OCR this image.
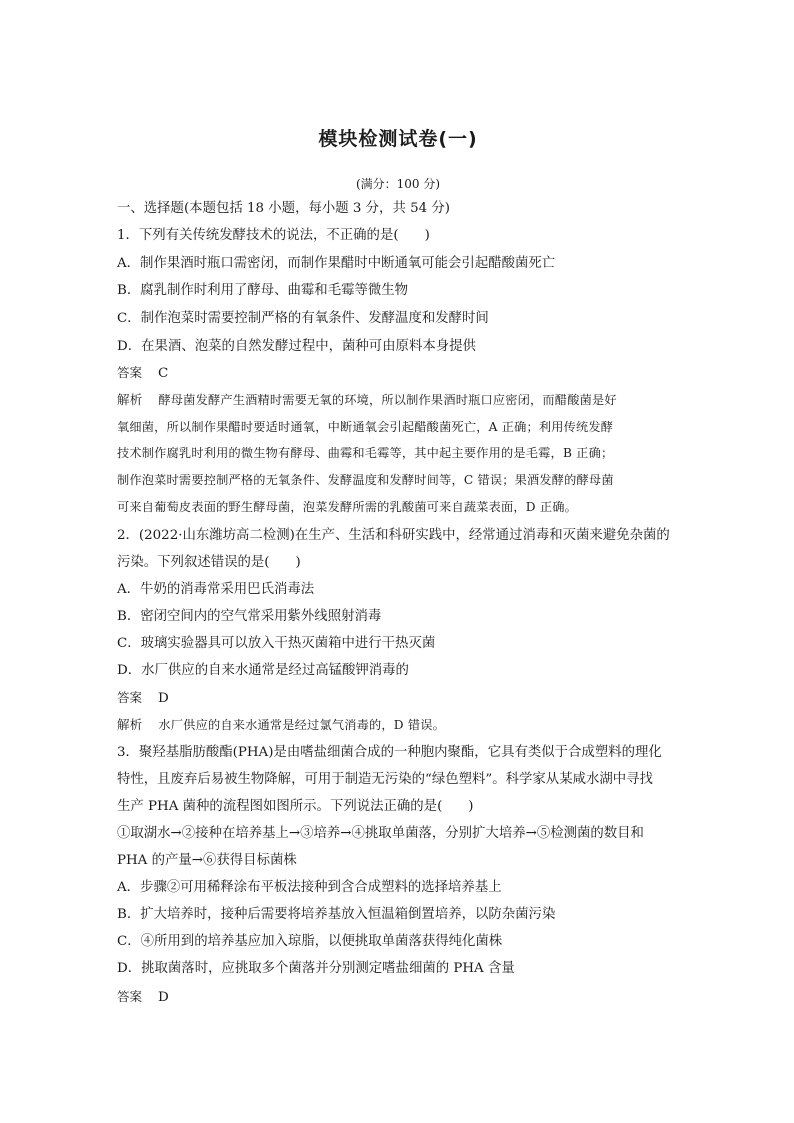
模块检测试卷(一)
(满分：100 分)
一、选择题(本题包括 18 小题，每小题 3 分，共 54 分)
1．下列有关传统发酵技术的说法，不正确的是( )
A．制作果酒时瓶口需密闭，而制作果醋时中断通氧可能会引起醋酸菌死亡
B．腐乳制作时利用了酵母、曲霉和毛霉等微生物
C．制作泡菜时需要控制严格的有氧条件、发酵温度和发酵时间
D．在果酒、泡菜的自然发酵过程中，菌种可由原料本身提供
答案 C
解析 酵母菌发酵产生酒精时需要无氧的环境，所以制作果酒时瓶口应密闭，而醋酸菌是好
氧细菌，所以制作果醋时要适时通氧，中断通氧会引起醋酸菌死亡，A 正确；利用传统发酵
技术制作腐乳时利用的微生物有酵母、曲霉和毛霉等，其中起主要作用的是毛霉，B 正确；
制作泡菜时需要控制严格的无氧条件、发酵温度和发酵时间等，C 错误；果酒发酵的酵母菌
可来自葡萄皮表面的野生酵母菌，泡菜发酵所需的乳酸菌可来自蔬菜表面，D 正确。
2．(2022·山东潍坊高二检测)在生产、生活和科研实践中，经常通过消毒和灭菌来避免杂菌的
污染。下列叙述错误的是( )
A．牛奶的消毒常采用巴氏消毒法
B．密闭空间内的空气常采用紫外线照射消毒
C．玻璃实验器具可以放入干热灭菌箱中进行干热灭菌
D．水厂供应的自来水通常是经过高锰酸钾消毒的
答案 D
解析 水厂供应的自来水通常是经过氯气消毒的，D 错误。
3．聚羟基脂肪酸酯(PHA)是由嗜盐细菌合成的一种胞内聚酯，它具有类似于合成塑料的理化
特性，且废弃后易被生物降解，可用于制造无污染的“绿色塑料”。科学家从某咸水湖中寻找
生产 PHA 菌种的流程图如图所示。下列说法正确的是( )
①取湖水→②接种在培养基上→③培养→④挑取单菌落，分别扩大培养→⑤检测菌的数目和
PHA 的产量→⑥获得目标菌株
A．步骤②可用稀释涂布平板法接种到含合成塑料的选择培养基上
B．扩大培养时，接种后需要将培养基放入恒温箱倒置培养，以防杂菌污染
C．④所用到的培养基应加入琼脂，以便挑取单菌落获得纯化菌株
D．挑取菌落时，应挑取多个菌落并分别测定嗜盐细菌的 PHA 含量
答案 D
